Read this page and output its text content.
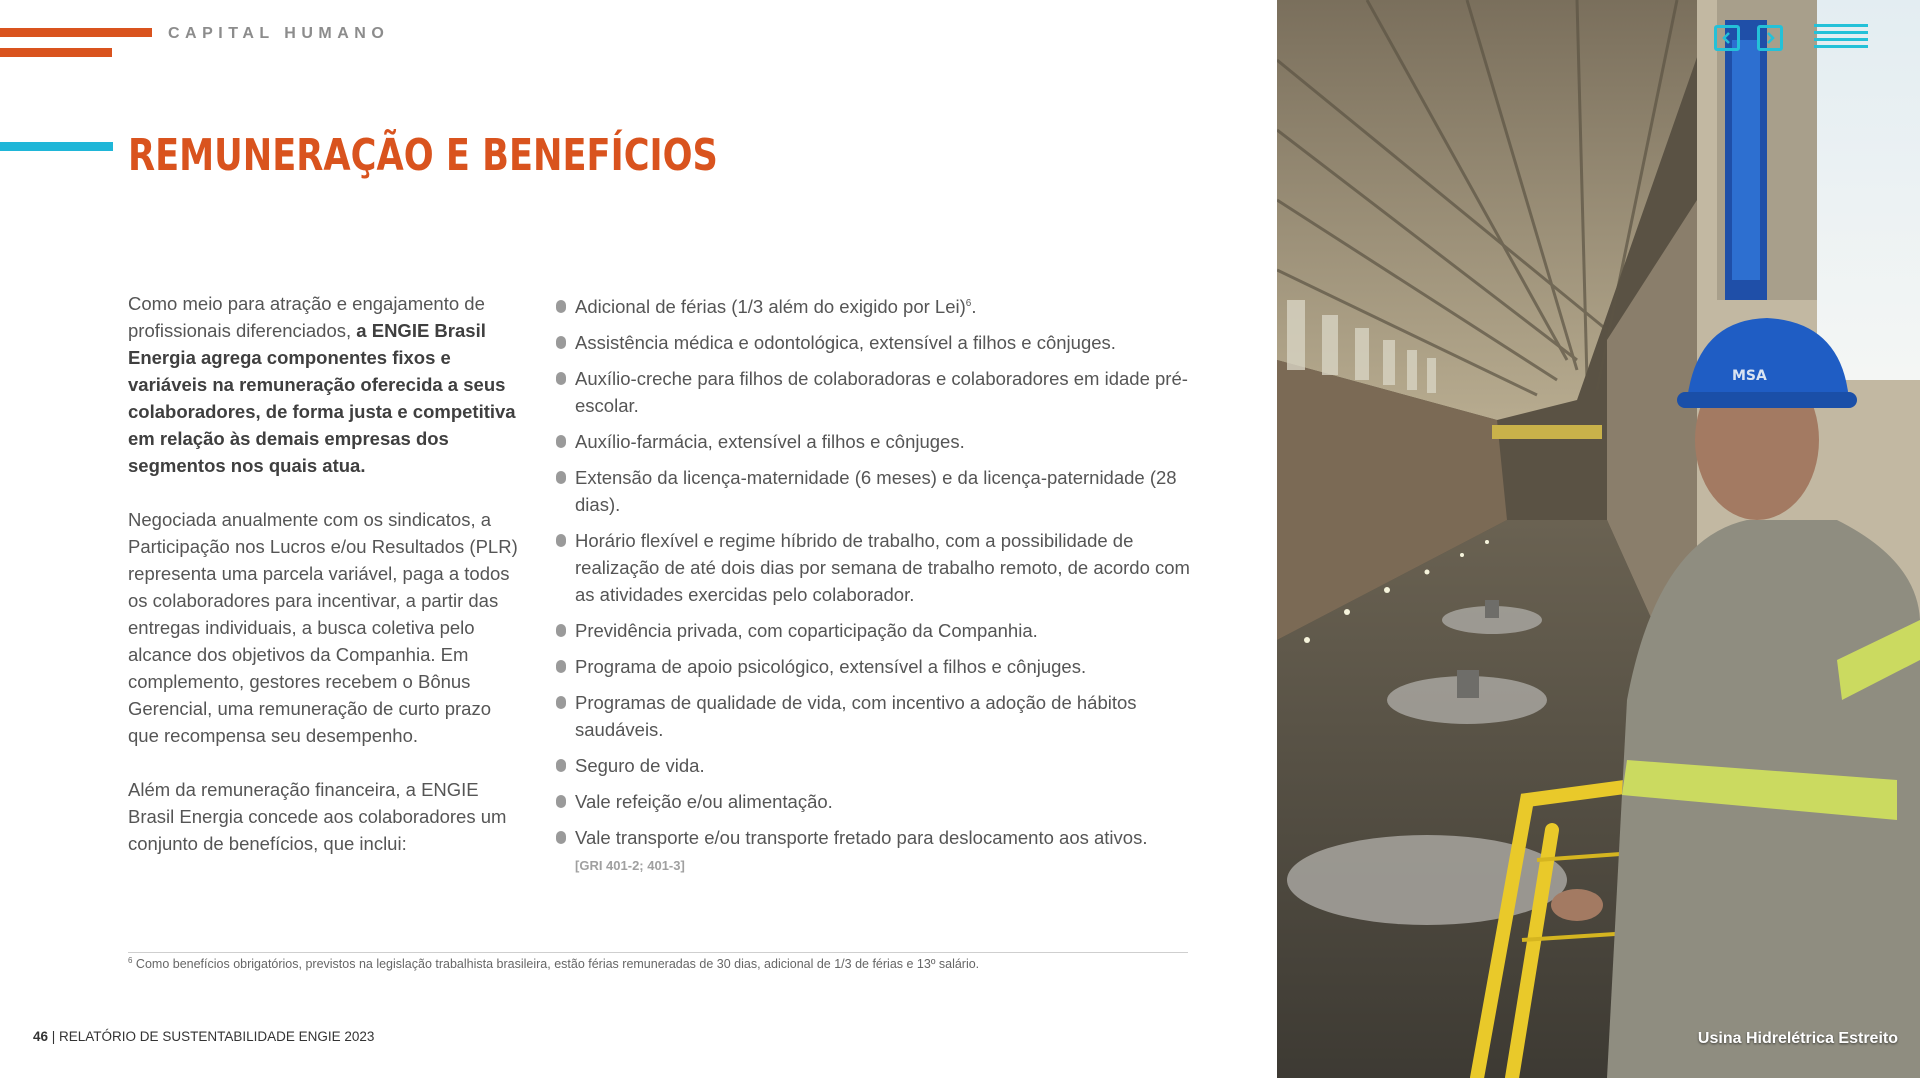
CAPITAL HUMANO
REMUNERAÇÃO E BENEFÍCIOS

Como meio para atração e engajamento de profissionais diferenciados, a ENGIE Brasil Energia agrega componentes fixos e variáveis na remuneração oferecida a seus colaboradores, de forma justa e competitiva em relação às demais empresas dos segmentos nos quais atua.

Negociada anualmente com os sindicatos, a Participação nos Lucros e/ou Resultados (PLR) representa uma parcela variável, paga a todos os colaboradores para incentivar, a partir das entregas individuais, a busca coletiva pelo alcance dos objetivos da Companhia. Em complemento, gestores recebem o Bônus Gerencial, uma remuneração de curto prazo que recompensa seu desempenho.

Além da remuneração financeira, a ENGIE Brasil Energia concede aos colaboradores um conjunto de benefícios, que inclui:

Adicional de férias (1/3 além do exigido por Lei)$^6$.
Assistência médica e odontológica, extensível a filhos e cônjuges.
Auxílio-creche para filhos de colaboradoras e colaboradores em idade pré-escolar.
Auxílio-farmácia, extensível a filhos e cônjuges.
Extensão da licença-maternidade (6 meses) e da licença-paternidade (28 dias).
Horário flexível e regime híbrido de trabalho, com a possibilidade de realização de até dois dias por semana de trabalho remoto, de acordo com as atividades exercidas pelo colaborador.
Previdência privada, com coparticipação da Companhia.
Programa de apoio psicológico, extensível a filhos e cônjuges.
Programas de qualidade de vida, com incentivo a adoção de hábitos saudáveis.
Seguro de vida.
Vale refeição e/ou alimentação.
Vale transporte e/ou transporte fretado para deslocamento aos ativos.
[GRI 401-2; 401-3]
$^6$ Como benefícios obrigatórios, previstos na legislação trabalhista brasileira, estão férias remuneradas de 30 dias, adicional de 1/3 de férias e 13º salário.
46 | RELATÓRIO DE SUSTENTABILIDADE ENGIE 2023
MSA
Usina Hidrelétrica Estreito
